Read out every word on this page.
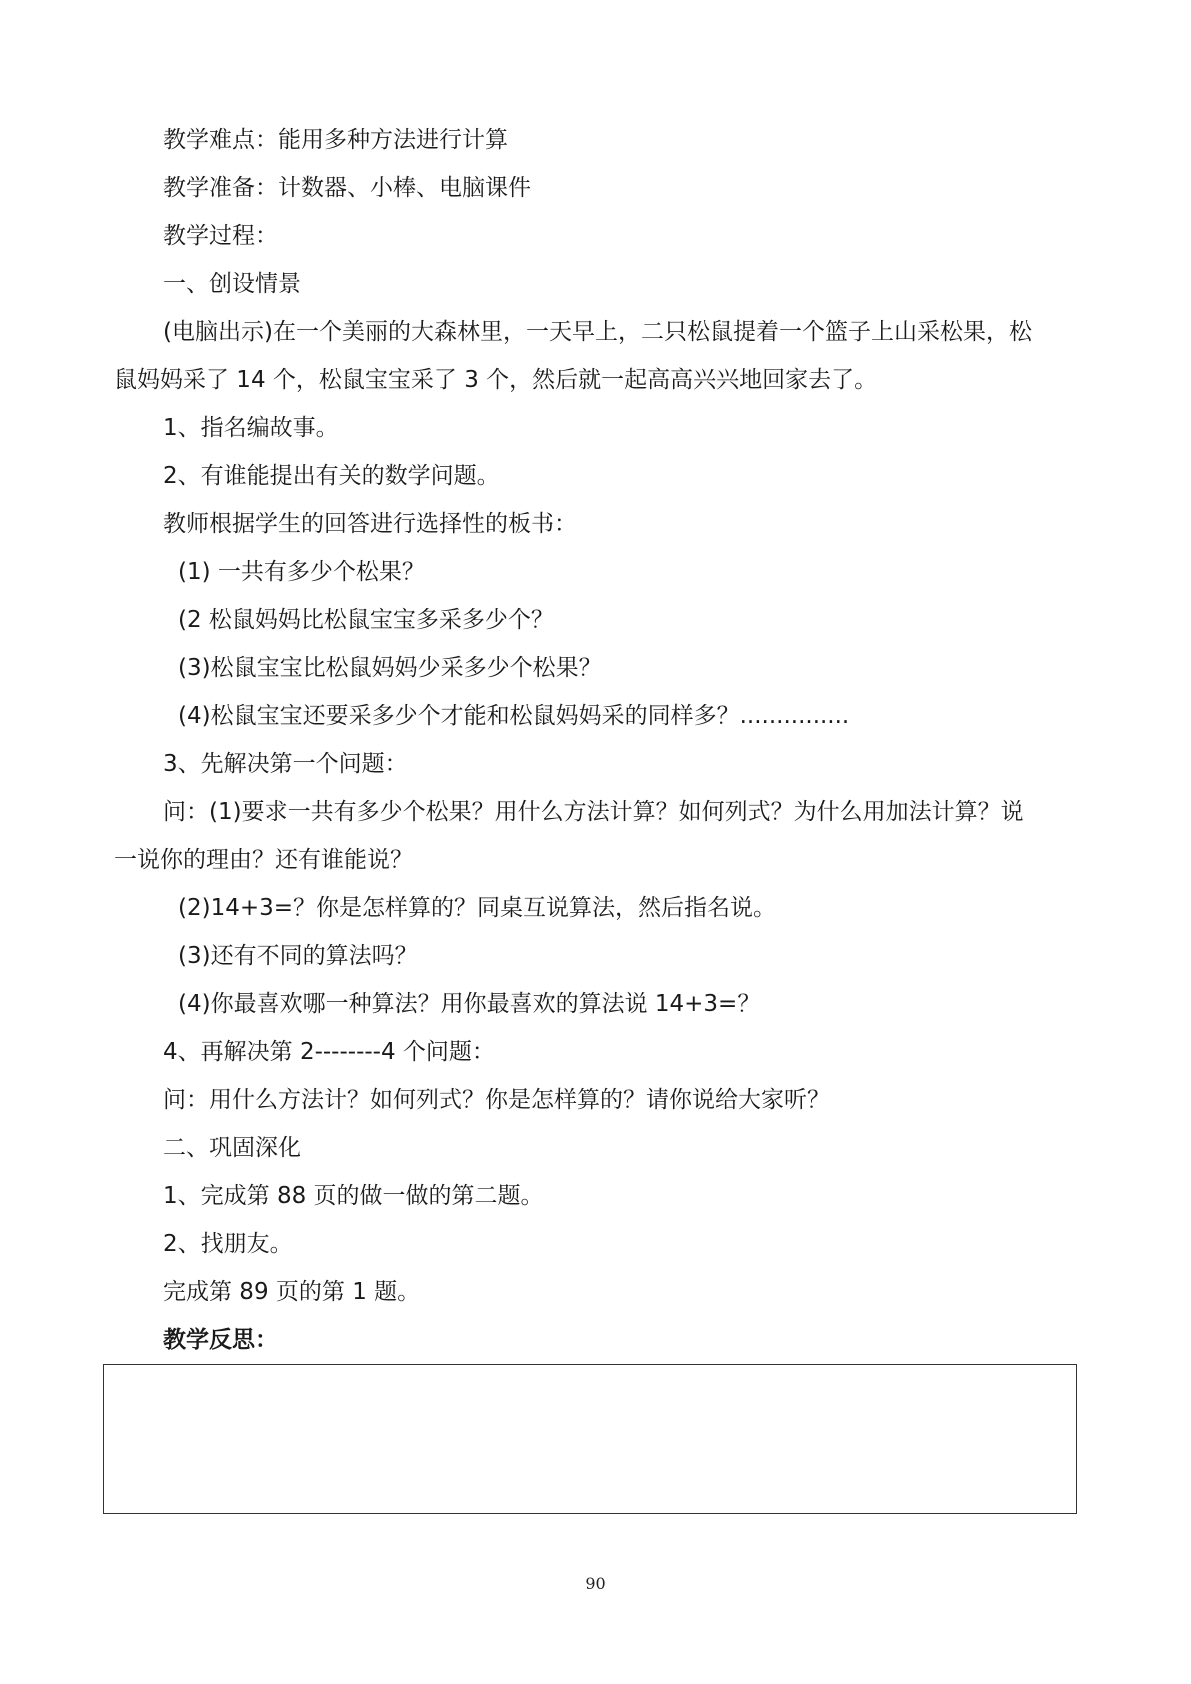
教学难点：能用多种方法进行计算
教学准备：计数器、小棒、电脑课件
教学过程：
一、创设情景
(电脑出示)在一个美丽的大森林里，一天早上，二只松鼠提着一个篮子上山采松果，松
鼠妈妈采了 14 个，松鼠宝宝采了 3 个，然后就一起高高兴兴地回家去了。
1、指名编故事。
2、有谁能提出有关的数学问题。
教师根据学生的回答进行选择性的板书：
(1) 一共有多少个松果？
(2 松鼠妈妈比松鼠宝宝多采多少个？
(3)松鼠宝宝比松鼠妈妈少采多少个松果？
(4)松鼠宝宝还要采多少个才能和松鼠妈妈采的同样多？...............
3、先解决第一个问题：
问：(1)要求一共有多少个松果？用什么方法计算？如何列式？为什么用加法计算？说
一说你的理由？还有谁能说？
(2)14+3=？你是怎样算的？同桌互说算法，然后指名说。
(3)还有不同的算法吗？
(4)你最喜欢哪一种算法？用你最喜欢的算法说 14+3=？
4、再解决第 2--------4 个问题：
问：用什么方法计？如何列式？你是怎样算的？请你说给大家听？
二、巩固深化
1、完成第 88 页的做一做的第二题。
2、找朋友。
完成第 89 页的第 1 题。
教学反思：
90
